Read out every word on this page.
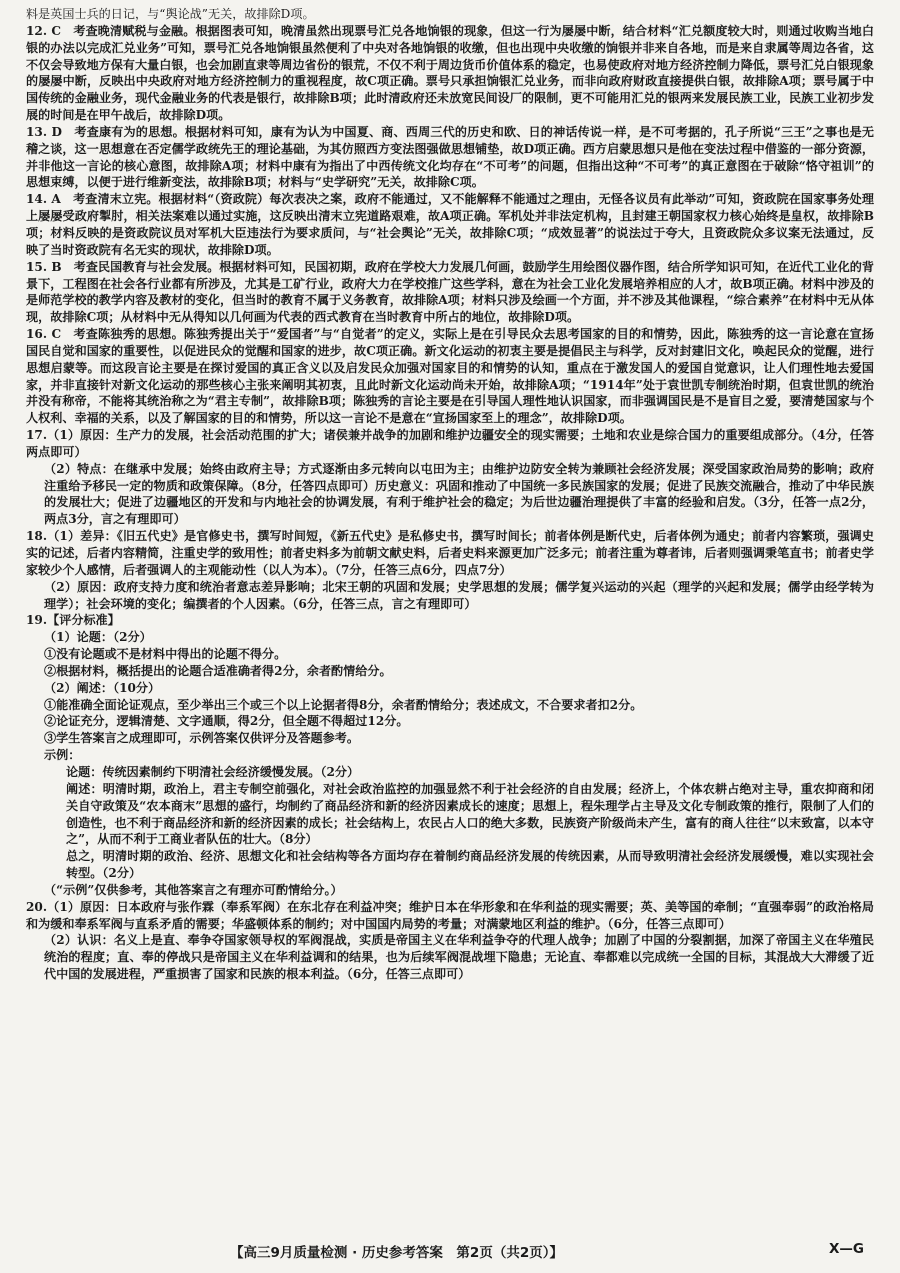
料是英国士兵的日记，与“舆论战”无关，故排除D项。

12. C　考查晚清赋税与金融。根据图表可知，晚清虽然出现票号汇兑各地饷银的现象，但这一行为屡屡中断，结合材料“汇兑额度较大时，则通过收购当地白银的办法以完成汇兑业务”可知，票号汇兑各地饷银虽然便利了中央对各地饷银的收缴，但也出现中央收缴的饷银并非来自各地，而是来自隶属等周边各省，这不仅会导致地方保有大量白银，也会加剧直隶等周边省份的银荒，不仅不利于周边货币价值体系的稳定，也易使政府对地方经济控制力降低，票号汇兑白银现象的屡屡中断，反映出中央政府对地方经济控制力的重视程度，故C项正确。票号只承担饷银汇兑业务，而非向政府财政直接提供白银，故排除A项；票号属于中国传统的金融业务，现代金融业务的代表是银行，故排除B项；此时清政府还未放宽民间设厂的限制，更不可能用汇兑的银两来发展民族工业，民族工业初步发展的时间是在甲午战后，故排除D项。

13. D　考查康有为的思想。根据材料可知，康有为认为中国夏、商、西周三代的历史和欧、日的神话传说一样，是不可考据的，孔子所说“三王”之事也是无稽之谈，这一思想意在否定儒学政统先王的理论基础，为其仿照西方变法图强做思想铺垫，故D项正确。西方启蒙思想只是他在变法过程中借鉴的一部分资源，并非他这一言论的核心意图，故排除A项；材料中康有为指出了中西传统文化均存在“不可考”的问题，但指出这种“不可考”的真正意图在于破除“恪守祖训”的思想束缚，以便于进行维新变法，故排除B项；材料与“史学研究”无关，故排除C项。

14. A　考查清末立宪。根据材料“（资政院）每次表决之案，政府不能通过，又不能解释不能通过之理由，无怪各议员有此举动”可知，资政院在国家事务处理上屡屡受政府掣肘，相关法案难以通过实施，这反映出清末立宪道路艰难，故A项正确。军机处并非法定机构，且封建王朝国家权力核心始终是皇权，故排除B项；材料反映的是资政院议员对军机大臣违法行为要求质问，与“社会舆论”无关，故排除C项；“成效显著”的说法过于夸大，且资政院众多议案无法通过，反映了当时资政院有名无实的现状，故排除D项。

15. B　考查民国教育与社会发展。根据材料可知，民国初期，政府在学校大力发展几何画，鼓励学生用绘图仪器作图，结合所学知识可知，在近代工业化的背景下，工程图在社会各行业都有所涉及，尤其是工矿行业，政府大力在学校推广这些学科，意在为社会工业化发展培养相应的人才，故B项正确。材料中涉及的是师范学校的教学内容及教材的变化，但当时的教育不属于义务教育，故排除A项；材料只涉及绘画一个方面，并不涉及其他课程，“综合素养”在材料中无从体现，故排除C项；从材料中无从得知以几何画为代表的西式教育在当时教育中所占的地位，故排除D项。

16. C　考查陈独秀的思想。陈独秀提出关于“爱国者”与“自觉者”的定义，实际上是在引导民众去思考国家的目的和情势，因此，陈独秀的这一言论意在宣扬国民自觉和国家的重要性，以促进民众的觉醒和国家的进步，故C项正确。新文化运动的初衷主要是提倡民主与科学，反对封建旧文化，唤起民众的觉醒，进行思想启蒙等。而这段言论主要是在探讨爱国的真正含义以及启发民众加强对国家目的和情势的认知，重点在于激发国人的爱国自觉意识，让人们理性地去爱国家，并非直接针对新文化运动的那些核心主张来阐明其初衷，且此时新文化运动尚未开始，故排除A项；“1914年”处于袁世凯专制统治时期，但袁世凯的统治并没有称帝，不能将其统治称之为“君主专制”，故排除B项；陈独秀的言论主要是在引导国人理性地认识国家，而非强调国民是不是盲目之爱，要清楚国家与个人权利、幸福的关系，以及了解国家的目的和情势，所以这一言论不是意在“宣扬国家至上的理念”，故排除D项。

17.（1）原因：生产力的发展，社会活动范围的扩大；诸侯兼并战争的加剧和维护边疆安全的现实需要；土地和农业是综合国力的重要组成部分。（4分，任答两点即可）

（2）特点：在继承中发展；始终由政府主导；方式逐渐由多元转向以屯田为主；由维护边防安全转为兼顾社会经济发展；深受国家政治局势的影响；政府注重给予移民一定的物质和政策保障。（8分，任答四点即可）历史意义：巩固和推动了中国统一多民族国家的发展；促进了民族交流融合，推动了中华民族的发展壮大；促进了边疆地区的开发和与内地社会的协调发展，有利于维护社会的稳定；为后世边疆治理提供了丰富的经验和启发。（3分，任答一点2分，两点3分，言之有理即可）

18.（1）差异：《旧五代史》是官修史书，撰写时间短，《新五代史》是私修史书，撰写时间长；前者体例是断代史，后者体例为通史；前者内容繁琐，强调史实的记述，后者内容精简，注重史学的致用性；前者史料多为前朝文献史料，后者史料来源更加广泛多元；前者注重为尊者讳，后者则强调秉笔直书；前者史学家较少个人感情，后者强调人的主观能动性（以人为本）。（7分，任答三点6分，四点7分）

（2）原因：政府支持力度和统治者意志差异影响；北宋王朝的巩固和发展；史学思想的发展；儒学复兴运动的兴起（理学的兴起和发展；儒学由经学转为理学）；社会环境的变化；编撰者的个人因素。（6分，任答三点，言之有理即可）

19.【评分标准】

（1）论题：（2分）

①没有论题或不是材料中得出的论题不得分。

②根据材料，概括提出的论题合适准确者得2分，余者酌情给分。

（2）阐述：（10分）

①能准确全面论证观点，至少举出三个或三个以上论据者得8分，余者酌情给分；表述成文，不合要求者扣2分。

②论证充分，逻辑清楚、文字通顺，得2分，但全题不得超过12分。

③学生答案言之成理即可，示例答案仅供评分及答题参考。

示例：

论题：传统因素制约下明清社会经济缓慢发展。（2分）

阐述：明清时期，政治上，君主专制空前强化，对社会政治监控的加强显然不利于社会经济的自由发展；经济上，个体农耕占绝对主导，重农抑商和闭关自守政策及“农本商末”思想的盛行，均制约了商品经济和新的经济因素成长的速度；思想上，程朱理学占主导及文化专制政策的推行，限制了人们的创造性，也不利于商品经济和新的经济因素的成长；社会结构上，农民占人口的绝大多数，民族资产阶级尚未产生，富有的商人往往“以末致富，以本守之”，从而不利于工商业者队伍的壮大。（8分）

总之，明清时期的政治、经济、思想文化和社会结构等各方面均存在着制约商品经济发展的传统因素，从而导致明清社会经济发展缓慢，难以实现社会转型。（2分）

（“示例”仅供参考，其他答案言之有理亦可酌情给分。）

20.（1）原因：日本政府与张作霖（奉系军阀）在东北存在利益冲突；维护日本在华形象和在华利益的现实需要；英、美等国的牵制；“直强奉弱”的政治格局和为缓和奉系军阀与直系矛盾的需要；华盛顿体系的制约；对中国国内局势的考量；对满蒙地区利益的维护。（6分，任答三点即可）

（2）认识：名义上是直、奉争夺国家领导权的军阀混战，实质是帝国主义在华利益争夺的代理人战争；加剧了中国的分裂割据，加深了帝国主义在华殖民统治的程度；直、奉的停战只是帝国主义在华利益调和的结果，也为后续军阀混战埋下隐患；无论直、奉都难以完成统一全国的目标，其混战大大滞缓了近代中国的发展进程，严重损害了国家和民族的根本利益。（6分，任答三点即可）

【高三9月质量检测 · 历史参考答案　第2页（共2页）】	X—G
